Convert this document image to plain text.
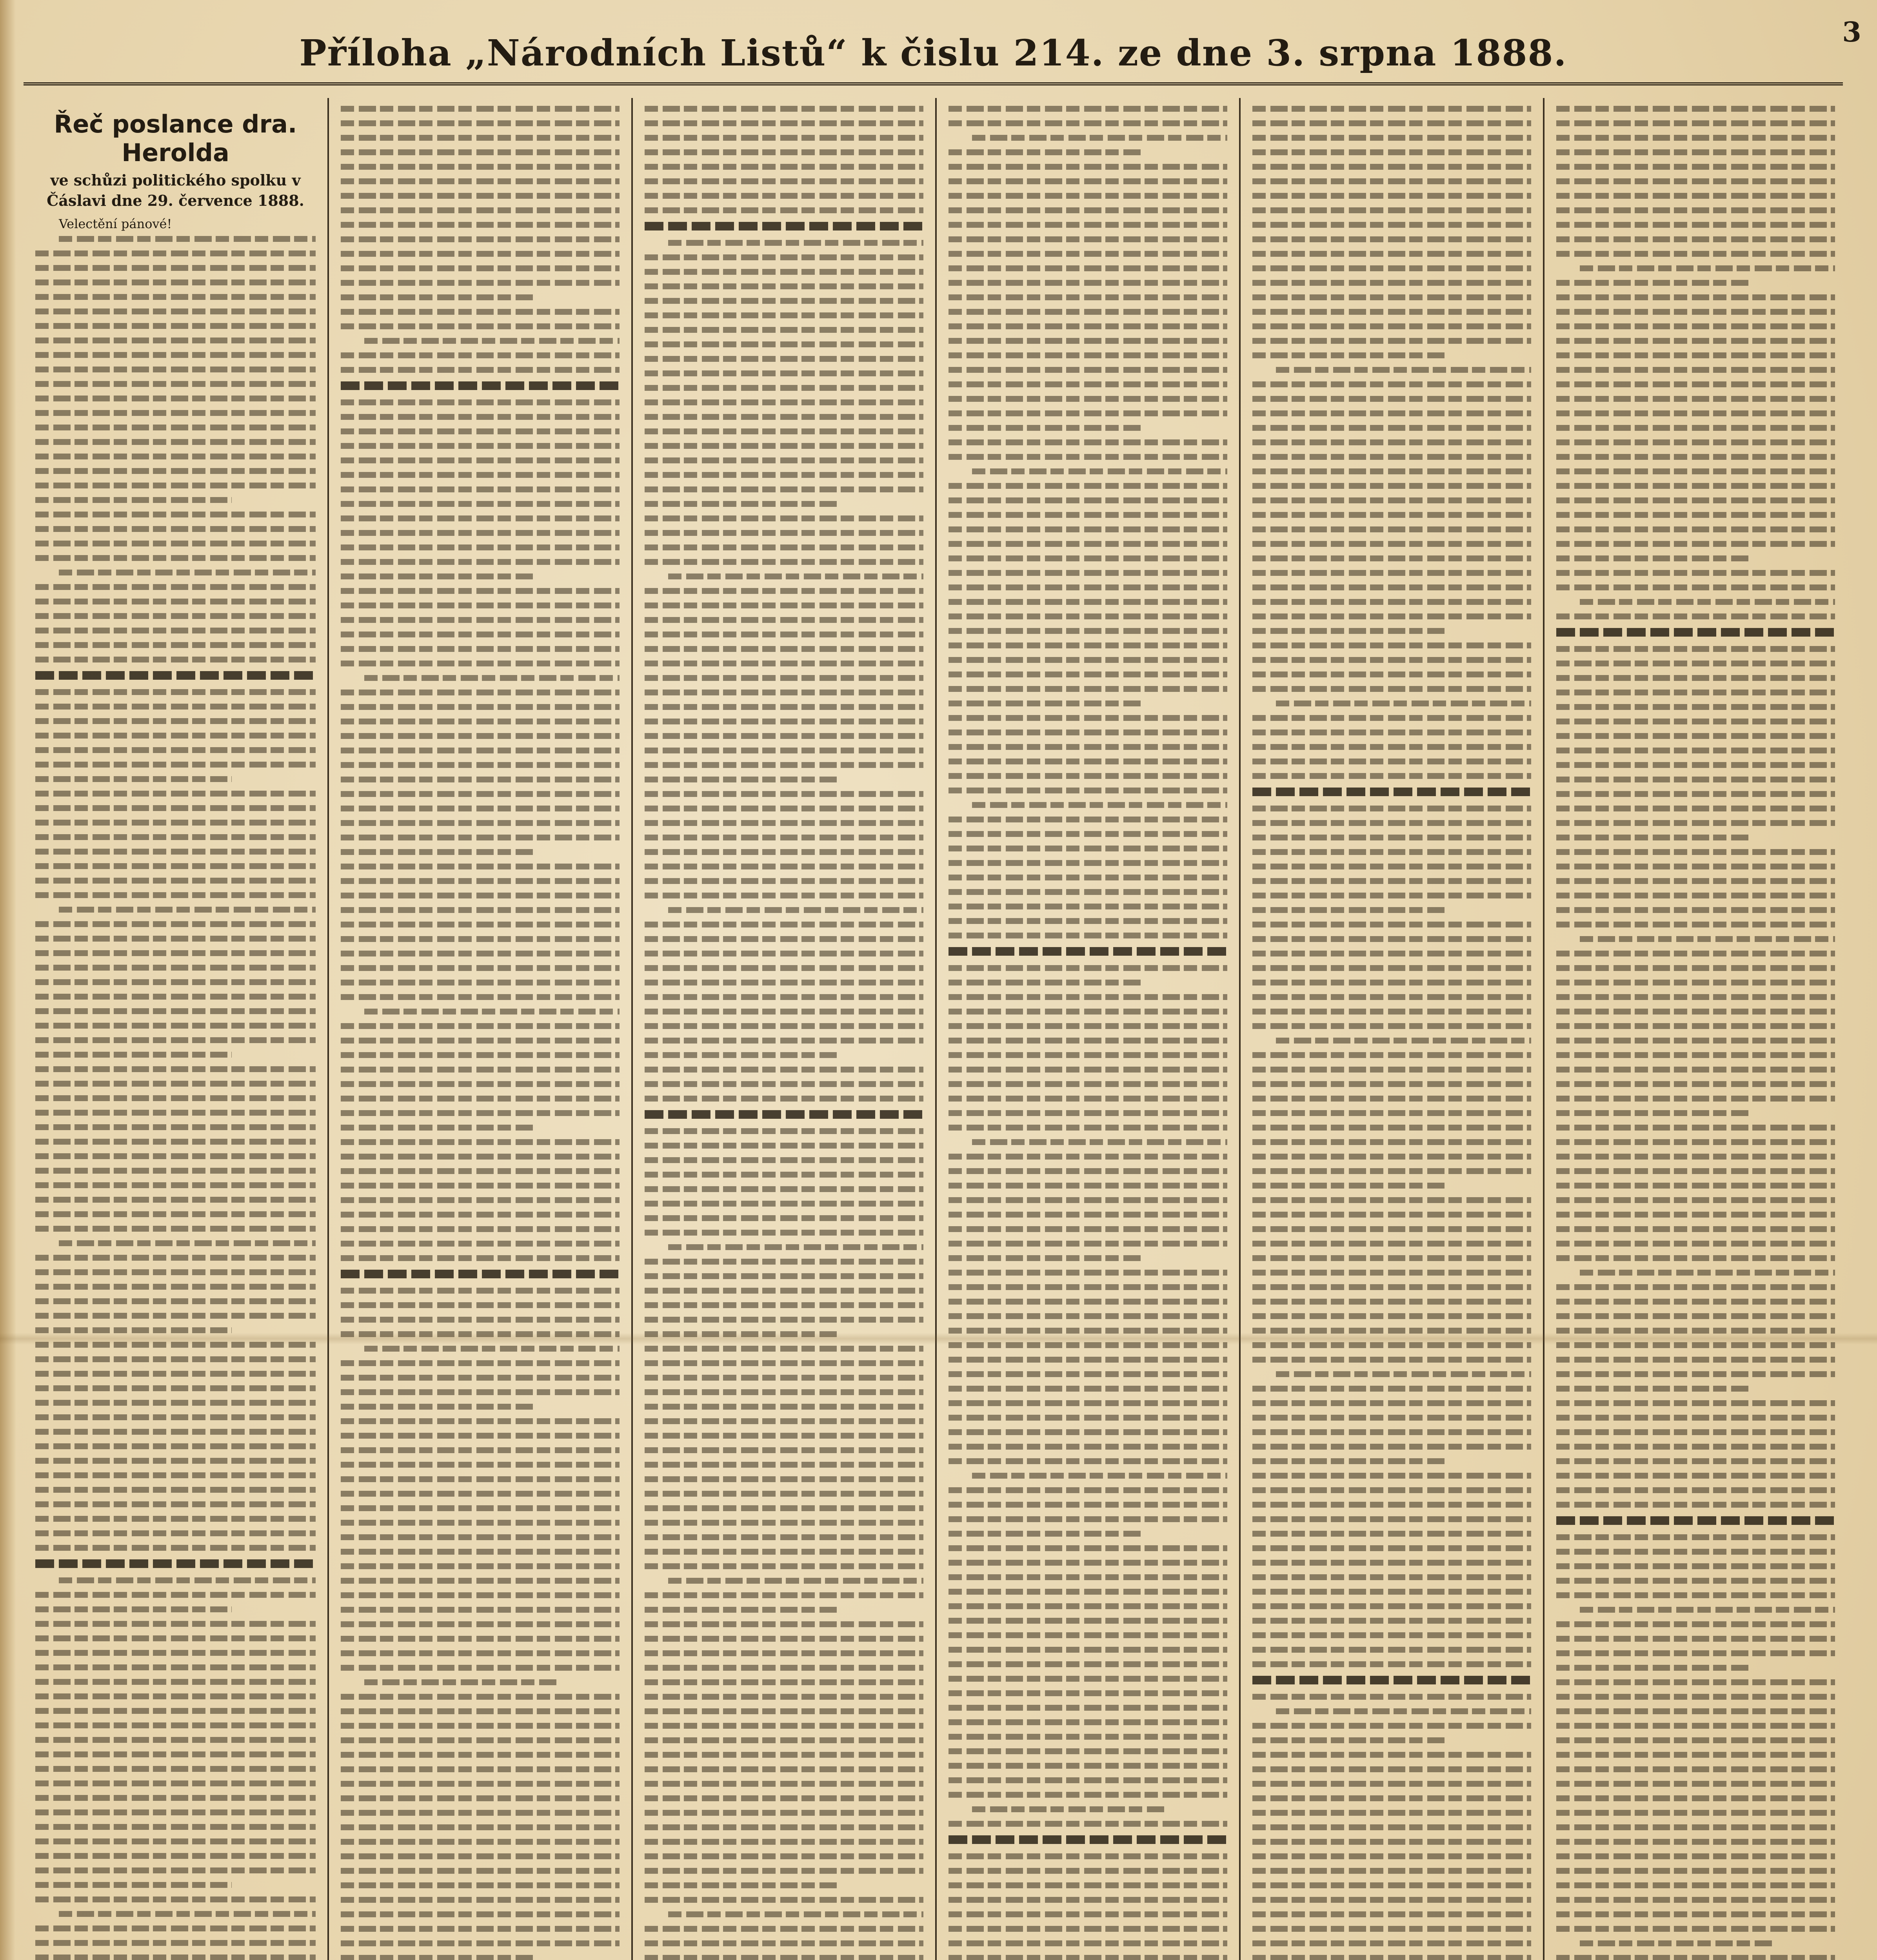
Příloha „Národních Listů“ k čislu 214. ze dne 3. srpna 1888.	3
Řeč poslance dra. Herolda
ve schůzi politického spolku v Čáslavi dne 29. července 1888.
Velectění pánové!
